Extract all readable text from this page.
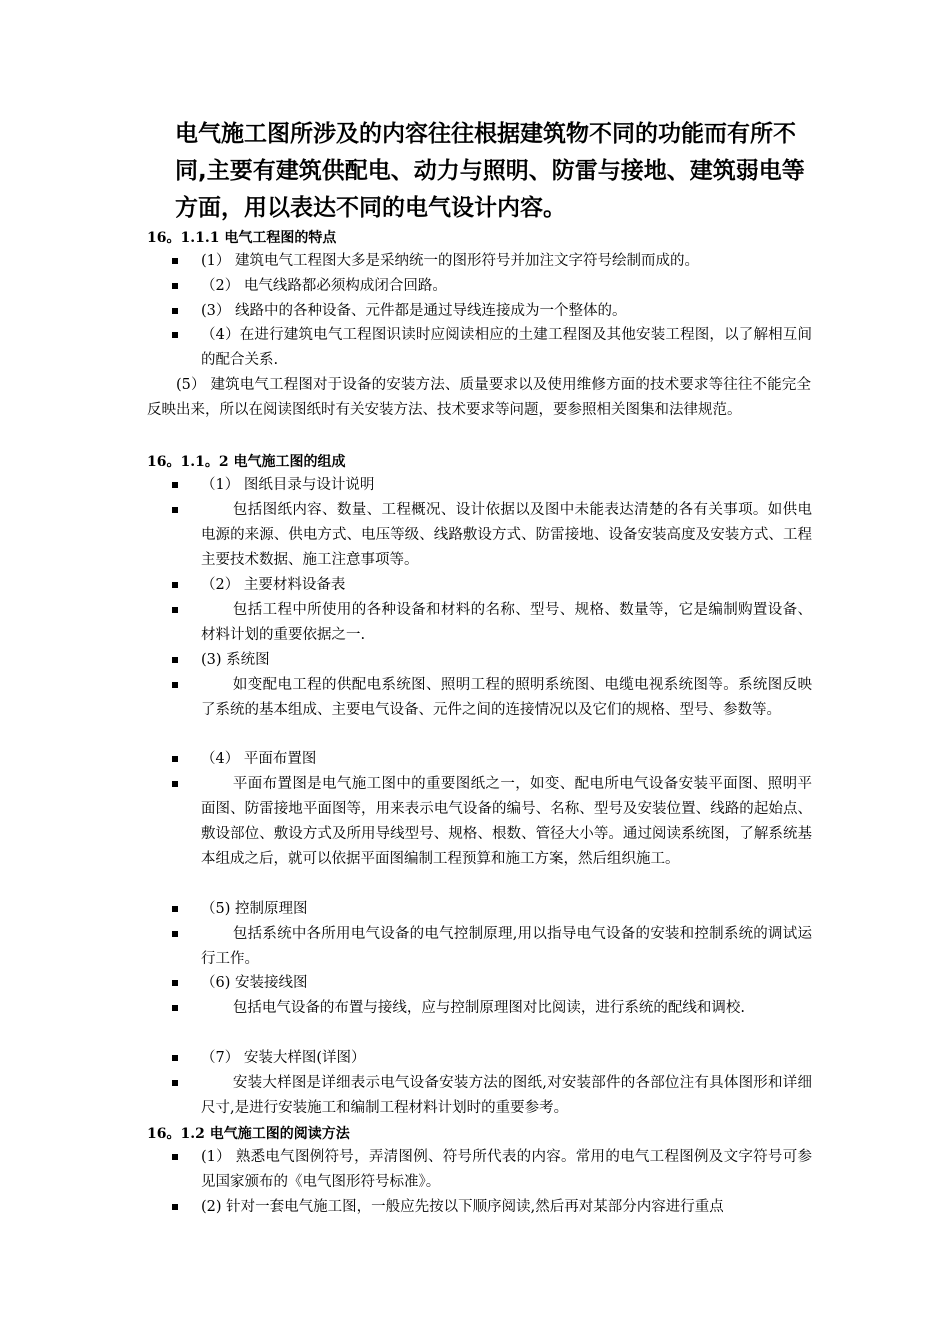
电气施工图所涉及的内容往往根据建筑物不同的功能而有所不同,主要有建筑供配电、动力与照明、防雷与接地、建筑弱电等方面，用以表达不同的电气设计内容。
16。1.1.1 电气工程图的特点
(1） 建筑电气工程图大多是采纳统一的图形符号并加注文字符号绘制而成的。
（2） 电气线路都必须构成闭合回路。
(3） 线路中的各种设备、元件都是通过导线连接成为一个整体的。
（4）在进行建筑电气工程图识读时应阅读相应的土建工程图及其他安装工程图，以了解相互间的配合关系.
(5） 建筑电气工程图对于设备的安装方法、质量要求以及使用维修方面的技术要求等往往不能完全反映出来，所以在阅读图纸时有关安装方法、技术要求等问题，要参照相关图集和法律规范。
16。1.1。2 电气施工图的组成
（1） 图纸目录与设计说明
包括图纸内容、数量、工程概况、设计依据以及图中未能表达清楚的各有关事项。如供电电源的来源、供电方式、电压等级、线路敷设方式、防雷接地、设备安装高度及安装方式、工程主要技术数据、施工注意事项等。
（2） 主要材料设备表
包括工程中所使用的各种设备和材料的名称、型号、规格、数量等，它是编制购置设备、材料计划的重要依据之一.
(3) 系统图
如变配电工程的供配电系统图、照明工程的照明系统图、电缆电视系统图等。系统图反映了系统的基本组成、主要电气设备、元件之间的连接情况以及它们的规格、型号、参数等。
（4） 平面布置图
平面布置图是电气施工图中的重要图纸之一，如变、配电所电气设备安装平面图、照明平面图、防雷接地平面图等，用来表示电气设备的编号、名称、型号及安装位置、线路的起始点、敷设部位、敷设方式及所用导线型号、规格、根数、管径大小等。通过阅读系统图，了解系统基本组成之后，就可以依据平面图编制工程预算和施工方案，然后组织施工。
（5) 控制原理图
包括系统中各所用电气设备的电气控制原理,用以指导电气设备的安装和控制系统的调试运行工作。
（6) 安装接线图
包括电气设备的布置与接线，应与控制原理图对比阅读，进行系统的配线和调校.
（7） 安装大样图(详图）
安装大样图是详细表示电气设备安装方法的图纸,对安装部件的各部位注有具体图形和详细尺寸,是进行安装施工和编制工程材料计划时的重要参考。
16。1.2 电气施工图的阅读方法
(1） 熟悉电气图例符号，弄清图例、符号所代表的内容。常用的电气工程图例及文字符号可参见国家颁布的《电气图形符号标准》。
(2) 针对一套电气施工图，一般应先按以下顺序阅读,然后再对某部分内容进行重点
